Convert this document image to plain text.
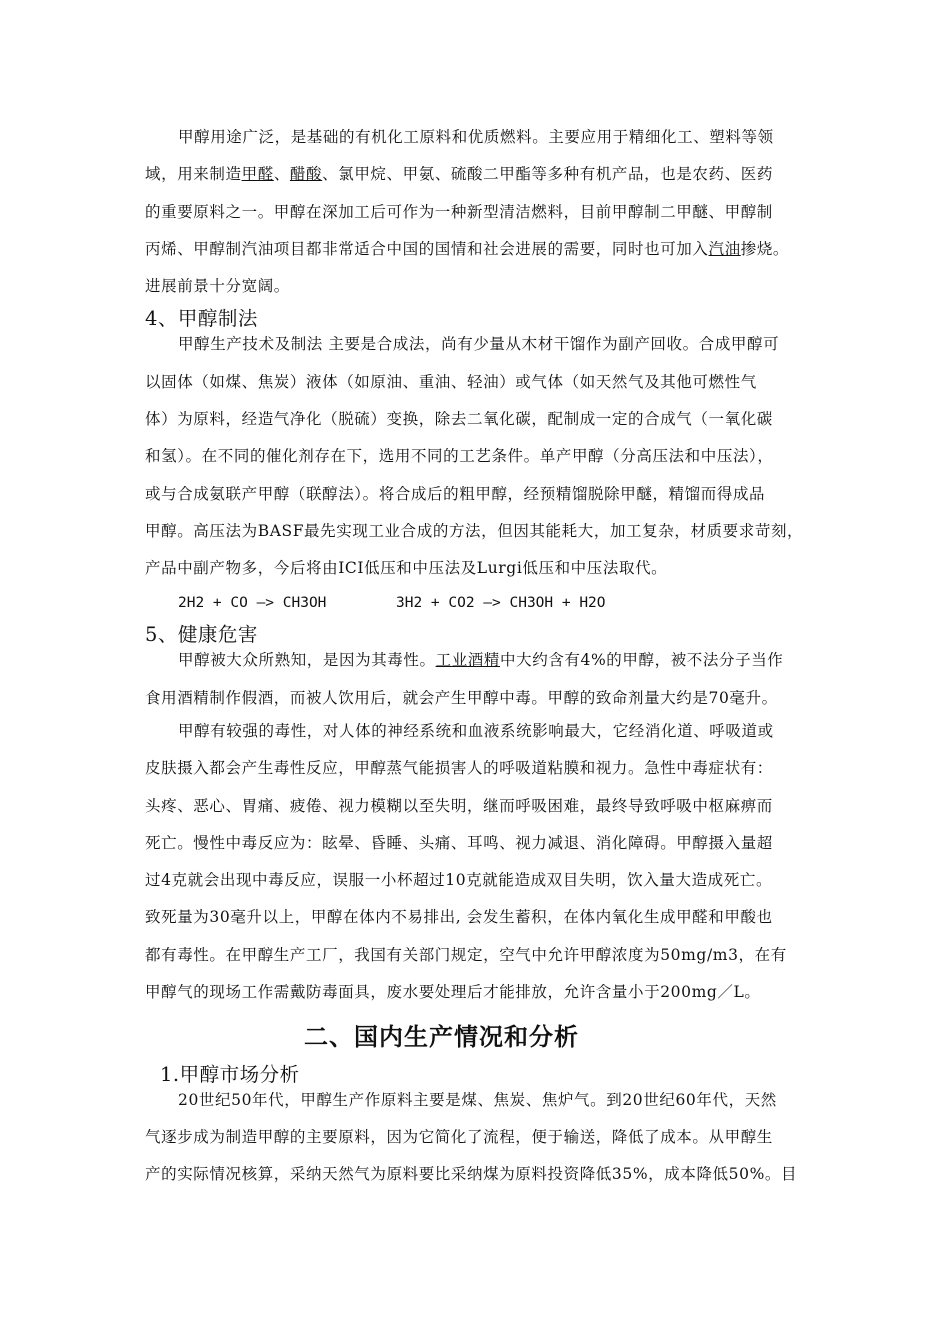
甲醇用途广泛，是基础的有机化工原料和优质燃料。主要应用于精细化工、塑料等领
域，用来制造甲醛、醋酸、氯甲烷、甲氨、硫酸二甲酯等多种有机产品，也是农药、医药
的重要原料之一。甲醇在深加工后可作为一种新型清洁燃料，目前甲醇制二甲醚、甲醇制
丙烯、甲醇制汽油项目都非常适合中国的国情和社会进展的需要，同时也可加入汽油掺烧。
进展前景十分宽阔。
4、甲醇制法
甲醇生产技术及制法 主要是合成法，尚有少量从木材干馏作为副产回收。合成甲醇可
以固体（如煤、焦炭）液体（如原油、重油、轻油）或气体（如天然气及其他可燃性气
体）为原料，经造气净化（脱硫）变换，除去二氧化碳，配制成一定的合成气（一氧化碳
和氢）。在不同的催化剂存在下，选用不同的工艺条件。单产甲醇（分高压法和中压法），
或与合成氨联产甲醇（联醇法）。将合成后的粗甲醇，经预精馏脱除甲醚，精馏而得成品
甲醇。高压法为BASF最先实现工业合成的方法，但因其能耗大，加工复杂，材质要求苛刻，
产品中副产物多，今后将由ICI低压和中压法及Lurgi低压和中压法取代。
2H2 + CO —> CH3OH	3H2 + CO2 —> CH3OH + H2O
5、健康危害
甲醇被大众所熟知，是因为其毒性。工业酒精中大约含有4%的甲醇，被不法分子当作
食用酒精制作假酒，而被人饮用后，就会产生甲醇中毒。甲醇的致命剂量大约是70毫升。
甲醇有较强的毒性，对人体的神经系统和血液系统影响最大，它经消化道、呼吸道或
皮肤摄入都会产生毒性反应，甲醇蒸气能损害人的呼吸道粘膜和视力。急性中毒症状有：
头疼、恶心、胃痛、疲倦、视力模糊以至失明，继而呼吸困难，最终导致呼吸中枢麻痹而
死亡。慢性中毒反应为：眩晕、昏睡、头痛、耳鸣、视力减退、消化障碍。甲醇摄入量超
过4克就会出现中毒反应，误服一小杯超过10克就能造成双目失明，饮入量大造成死亡。
致死量为30毫升以上，甲醇在体内不易排出, 会发生蓄积，在体内氧化生成甲醛和甲酸也
都有毒性。在甲醇生产工厂，我国有关部门规定，空气中允许甲醇浓度为50mg/m3，在有
甲醇气的现场工作需戴防毒面具，废水要处理后才能排放，允许含量小于200mg／L。
二、国内生产情况和分析
1.甲醇市场分析
20世纪50年代，甲醇生产作原料主要是煤、焦炭、焦炉气。到20世纪60年代，天然
气逐步成为制造甲醇的主要原料，因为它简化了流程，便于输送，降低了成本。从甲醇生
产的实际情况核算，采纳天然气为原料要比采纳煤为原料投资降低35%，成本降低50%。目
